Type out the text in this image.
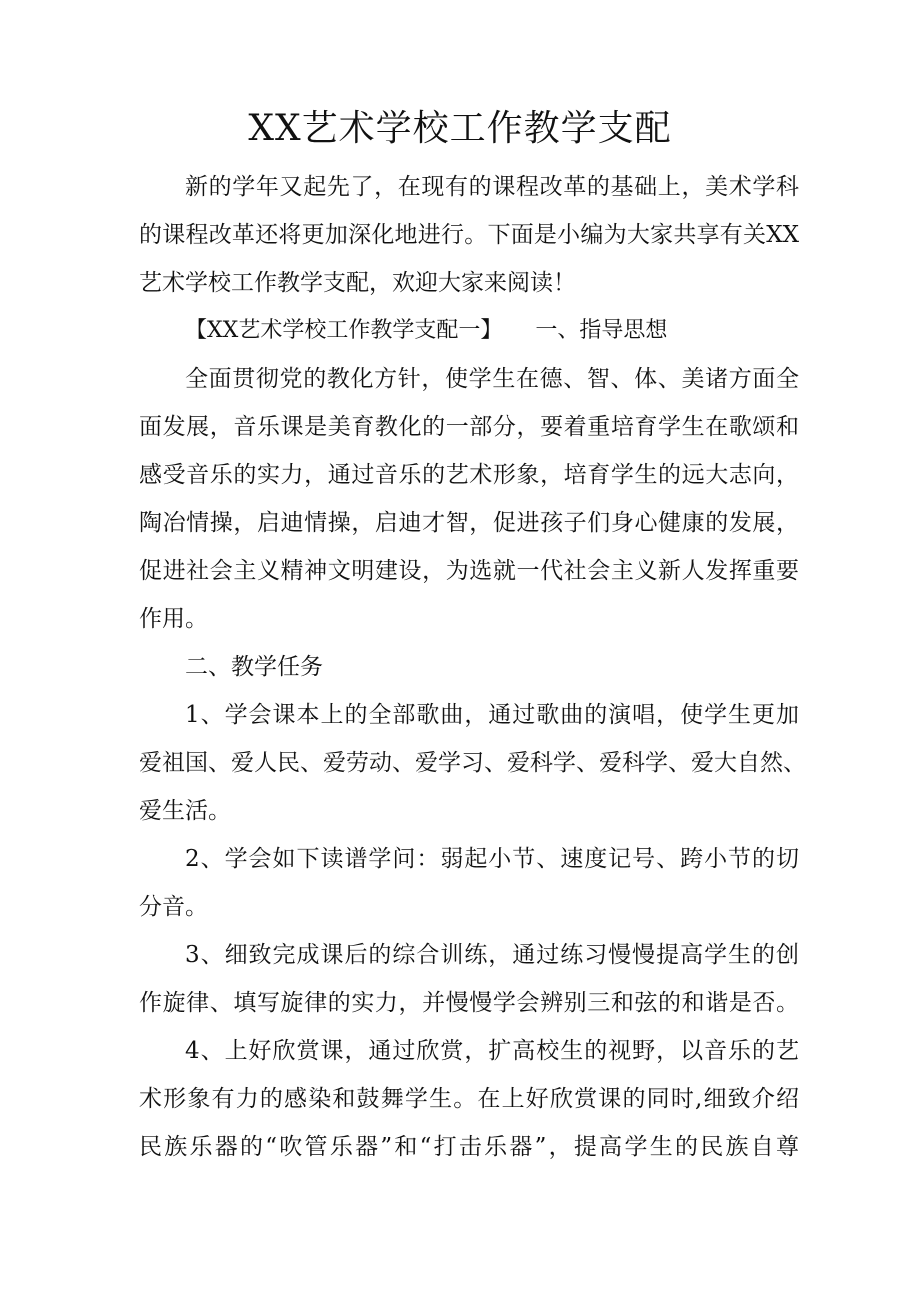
XX艺术学校工作教学支配
新的学年又起先了，在现有的课程改革的基础上，美术学科
的课程改革还将更加深化地进行。下面是小编为大家共享有关XX
艺术学校工作教学支配，欢迎大家来阅读！
【XX艺术学校工作教学支配一】　　一、指导思想
全面贯彻党的教化方针，使学生在德、智、体、美诸方面全
面发展，音乐课是美育教化的一部分，要着重培育学生在歌颂和
感受音乐的实力，通过音乐的艺术形象，培育学生的远大志向，
陶冶情操，启迪情操，启迪才智，促进孩子们身心健康的发展，
促进社会主义精神文明建设，为选就一代社会主义新人发挥重要
作用。
二、教学任务
1、学会课本上的全部歌曲，通过歌曲的演唱，使学生更加
爱祖国、爱人民、爱劳动、爱学习、爱科学、爱科学、爱大自然、
爱生活。
2、学会如下读谱学问：弱起小节、速度记号、跨小节的切
分音。
3、细致完成课后的综合训练，通过练习慢慢提高学生的创
作旋律、填写旋律的实力，并慢慢学会辨别三和弦的和谐是否。
4、上好欣赏课，通过欣赏，扩高校生的视野，以音乐的艺
术形象有力的感染和鼓舞学生。在上好欣赏课的同时,细致介绍
民族乐器的“吹管乐器”和“打击乐器”，提高学生的民族自尊
